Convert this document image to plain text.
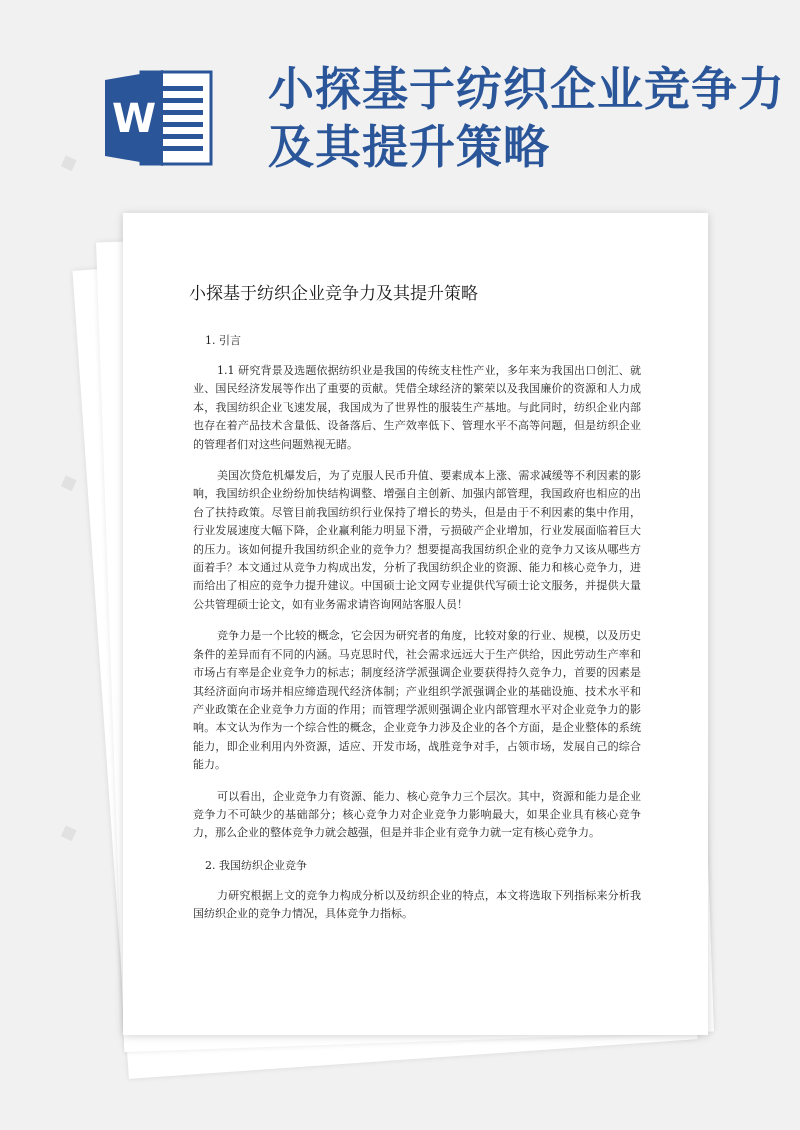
W
小探基于纺织企业竞争力及其提升策略
◆
◆
◆
小探基于纺织企业竞争力及其提升策略
1. 引言

1.1 研究背景及选题依据纺织业是我国的传统支柱性产业，多年来为我国出口创汇、就业、国民经济发展等作出了重要的贡献。凭借全球经济的繁荣以及我国廉价的资源和人力成本，我国纺织企业飞速发展，我国成为了世界性的服装生产基地。与此同时，纺织企业内部也存在着产品技术含量低、设备落后、生产效率低下、管理水平不高等问题，但是纺织企业的管理者们对这些问题熟视无睹。

美国次贷危机爆发后，为了克服人民币升值、要素成本上涨、需求减缓等不利因素的影响，我国纺织企业纷纷加快结构调整、增强自主创新、加强内部管理，我国政府也相应的出台了扶持政策。尽管目前我国纺织行业保持了增长的势头，但是由于不利因素的集中作用，行业发展速度大幅下降，企业赢利能力明显下滑，亏损破产企业增加，行业发展面临着巨大的压力。该如何提升我国纺织企业的竞争力？想要提高我国纺织企业的竞争力又该从哪些方面着手？本文通过从竞争力构成出发，分析了我国纺织企业的资源、能力和核心竞争力，进而给出了相应的竞争力提升建议。中国硕士论文网专业提供代写硕士论文服务，并提供大量公共管理硕士论文，如有业务需求请咨询网站客服人员！

竞争力是一个比较的概念，它会因为研究者的角度，比较对象的行业、规模，以及历史条件的差异而有不同的内涵。马克思时代，社会需求远远大于生产供给，因此劳动生产率和市场占有率是企业竞争力的标志；制度经济学派强调企业要获得持久竞争力，首要的因素是其经济面向市场并相应缔造现代经济体制；产业组织学派强调企业的基础设施、技术水平和产业政策在企业竞争力方面的作用；而管理学派则强调企业内部管理水平对企业竞争力的影响。本文认为作为一个综合性的概念，企业竞争力涉及企业的各个方面，是企业整体的系统能力，即企业利用内外资源，适应、开发市场，战胜竞争对手，占领市场，发展自己的综合能力。

可以看出，企业竞争力有资源、能力、核心竞争力三个层次。其中，资源和能力是企业竞争力不可缺少的基础部分；核心竞争力对企业竞争力影响最大，如果企业具有核心竞争力，那么企业的整体竞争力就会越强，但是并非企业有竞争力就一定有核心竞争力。

2. 我国纺织企业竞争

力研究根据上文的竞争力构成分析以及纺织企业的特点，本文将选取下列指标来分析我国纺织企业的竞争力情况，具体竞争力指标。
